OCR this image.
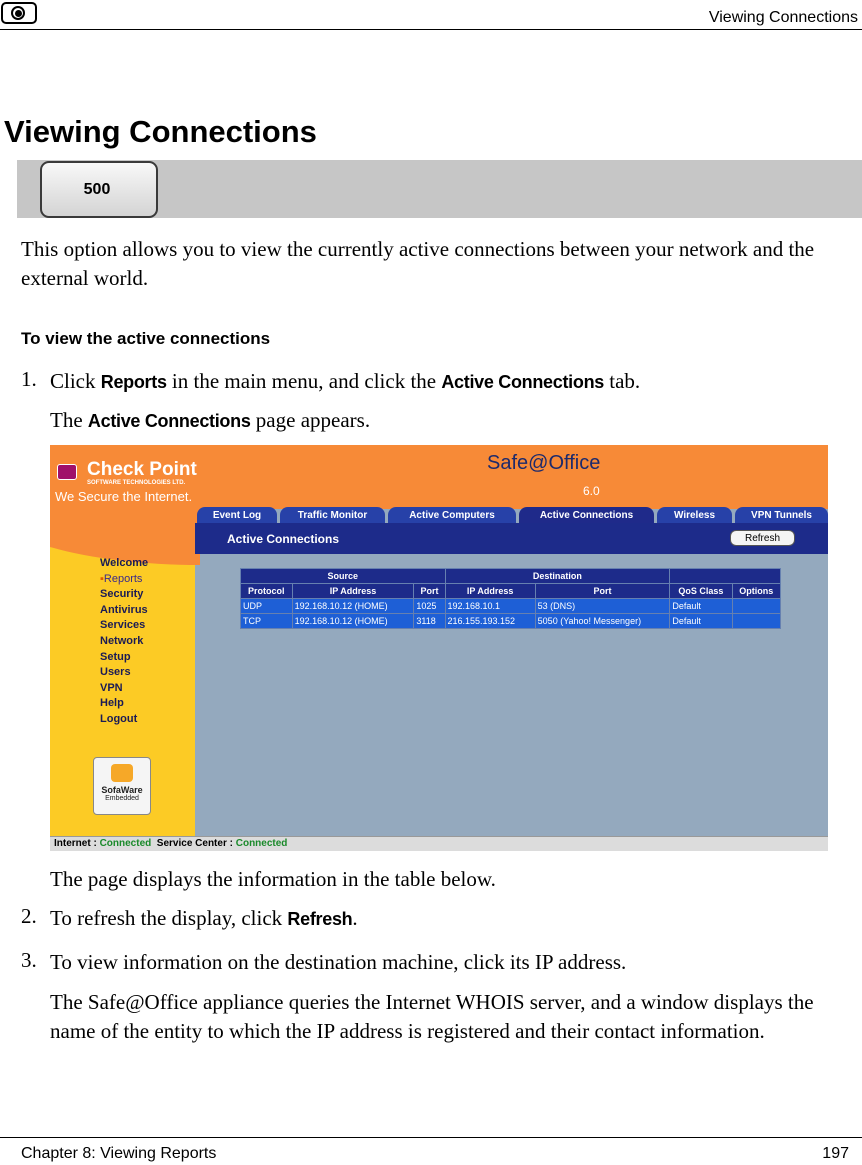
Viewing Connections
Viewing Connections
500
This option allows you to view the currently active connections between your network and the external world.
To view the active connections
1. Click Reports in the main menu, and click the Active Connections tab.
The Active Connections page appears.
Check Point
SOFTWARE TECHNOLOGIES LTD.
We Secure the Internet.
Safe@Office
6.0
Event Log	Traffic Monitor	Active Computers	Active Connections	Wireless	VPN Tunnels
Active Connections	Refresh
Welcome
▪Reports
Security
Antivirus
Services
Network
Setup
Users
VPN
Help
Logout
SofaWare
Embedded
Source			Destination			
Protocol	IP Address	Port	IP Address	Port	QoS Class	Options
UDP	192.168.10.12 (HOME)	1025	192.168.10.1	53 (DNS)	Default	
TCP	192.168.10.12 (HOME)	3118	216.155.193.152	5050 (Yahoo! Messenger)	Default	
Internet : Connected Service Center : Connected
The page displays the information in the table below.
2. To refresh the display, click Refresh.
3. To view information on the destination machine, click its IP address.
The Safe@Office appliance queries the Internet WHOIS server, and a window displays the name of the entity to which the IP address is registered and their contact information.
Chapter 8: Viewing Reports	197
